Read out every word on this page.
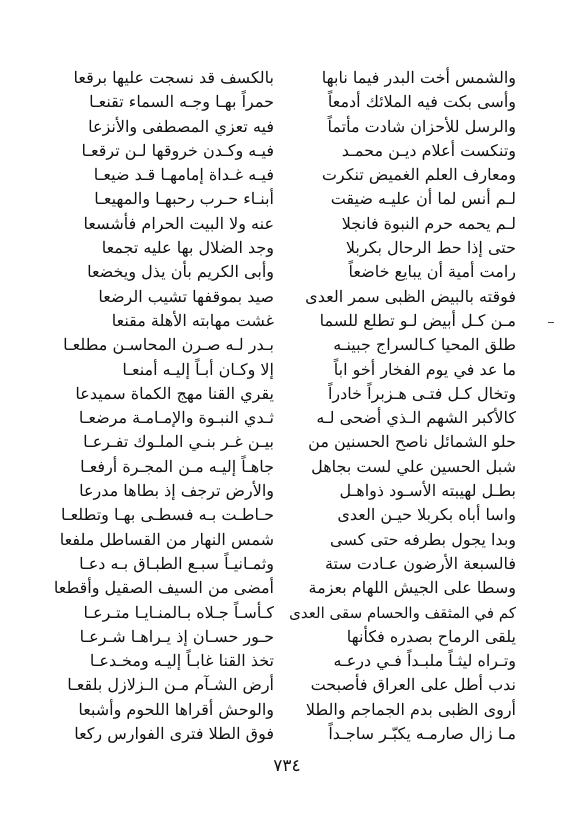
والشمس أخت البدر فيما نابها
وأسى بكت فيه الملائك أدمعاً
والرسل للأحزان شادت مأتماً
وتنكست أعلام ديـن محمـد
ومعارف العلم الغميض تنكرت
لـم أنس لما أن عليـه ضيقت
لـم يحمه حرم النبوة فانجلا
حتى إذا حط الرحال بكربلا
رامت أمية أن يبايع خاضعاً
فوقته بالبيض الظبى سمر العدى
مـن كـل أبيض لـو تطلع للسما
طلق المحيا كـالسراج جبينـه
ما عد في يوم الفخار أخو اباً
وتخال كـل فتـى هـزبراً خادراً
كالأكبر الشهم الـذي أضحى لـه
حلو الشمائل ناصح الحسنين من
شبل الحسين علي لست بجاهل
بطـل لهيبته الأسـود ذواهـل
واسا أباه بكربلا حيـن العدى
وبدا يجول بطرفه حتى كسى
فالسبعة الأرضون عـادت ستة
وسطا على الجيش اللهام بعزمة
كم في المثقف والحسام سقى العدى
يلقى الرماح بصدره فكأنها
وتـراه ليثـاً ملبـداً فـي درعـه
ندب أطل على العراق فأصبحت
أروى الظبى بدم الجماجم والطلا
مـا زال صارمـه يكبّـر ساجـداً
بالكسف قد نسجت عليها برقعا
حمراً بهـا وجـه السماء تقنعـا
فيه تعزي المصطفى والأنزعا
فيـه وكـدن خروقها لـن ترقعـا
فيـه غـداة إمامهـا قـد ضيعـا
أبنـاء حـرب رحبهـا والمهيعـا
عنه ولا البيت الحرام فأشسعا
وجد الضلال بها عليه تجمعا
وأبى الكريم بأن يذل ويخضعا
صيد بموقفها تشيب الرضعا
غشت مهابته الأهلة مقنعا
بـدر لـه صـرن المحاسـن مطلعـا
إلا وكـان أبـاً إليـه أمنعـا
يقري القنا مهج الكماة سميدعا
ثـدي النبـوة والإمـامـة مرضعـا
بيـن غـر بنـي الملـوك تفـرعـا
جاهـاً إليـه مـن المجـرة أرفعـا
والأرض ترجف إذ بطاها مدرعا
حـاطـت بـه فسطـى بهـا وتطلعـا
شمس النهار من القساطل ملفعا
وثمـانيـاً سبـع الطبـاق بـه دعـا
أمضى من السيف الصقيل وأقطعا
كـأسـاً جـلاه بـالمنـايـا متـرعـا
حـور حسـان إذ يـراهـا شـرعـا
تخذ القنا غابـاً إليـه ومخـدعـا
أرض الشـآم مـن الـزلازل بلقعـا
والوحش أقراها اللحوم وأشبعا
فوق الطلا فترى الفوارس ركعا
٧٣٤
